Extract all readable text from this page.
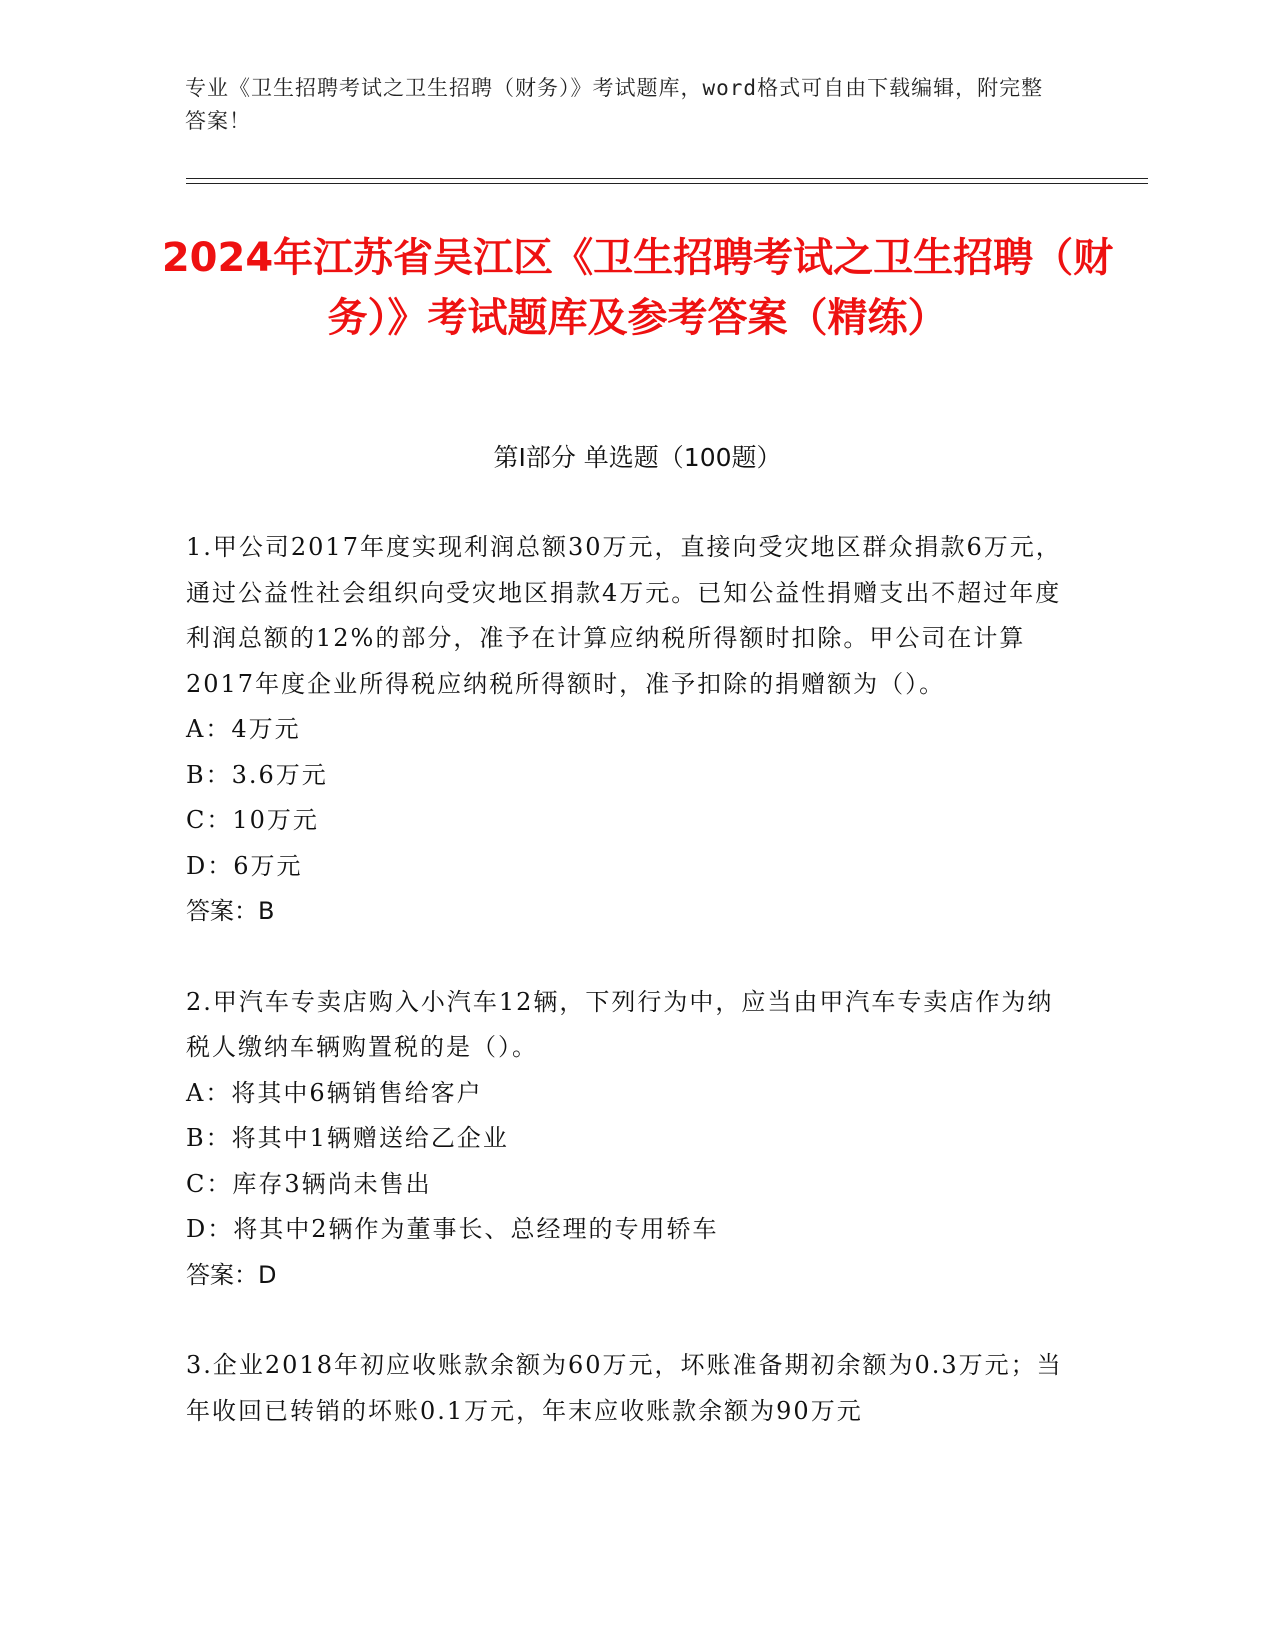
专业《卫生招聘考试之卫生招聘（财务）》考试题库，word格式可自由下载编辑，附完整答案！
2024年江苏省吴江区《卫生招聘考试之卫生招聘（财务）》考试题库及参考答案（精练）
第Ⅰ部分 单选题（100题）

1.甲公司2017年度实现利润总额30万元，直接向受灾地区群众捐款6万元，通过公益性社会组织向受灾地区捐款4万元。已知公益性捐赠支出不超过年度利润总额的12%的部分，准予在计算应纳税所得额时扣除。甲公司在计算2017年度企业所得税应纳税所得额时，准予扣除的捐赠额为（）。

A：4万元

B：3.6万元

C：10万元

D：6万元

答案：B

2.甲汽车专卖店购入小汽车12辆，下列行为中，应当由甲汽车专卖店作为纳税人缴纳车辆购置税的是（）。

A：将其中6辆销售给客户

B：将其中1辆赠送给乙企业

C：库存3辆尚未售出

D：将其中2辆作为董事长、总经理的专用轿车

答案：D

3.企业2018年初应收账款余额为60万元，坏账准备期初余额为0.3万元；当年收回已转销的坏账0.1万元，年末应收账款余额为90万元
